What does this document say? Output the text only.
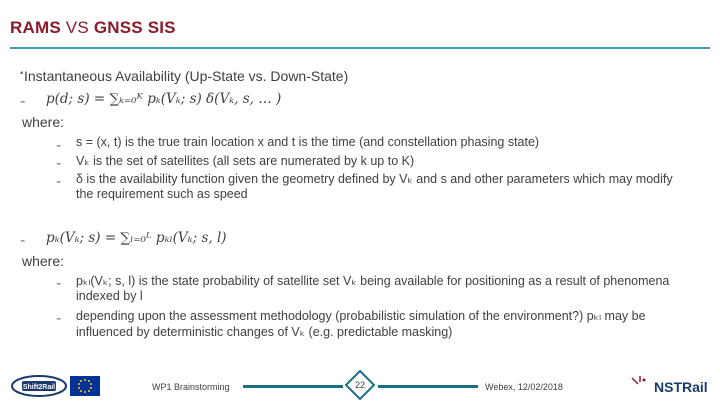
RAMS VS GNSS SIS
▪ Instantaneous Availability (Up-State vs. Down-State)
- p(d; s) = ∑ₖ₌₀ᴷ pₖ(Vₖ; s) δ(Vₖ, s, … )
where:
- s = (x, t) is the true train location x and t is the time (and constellation phasing state)
- Vₖ is the set of satellites (all sets are numerated by k up to K)
- δ is the availability function given the geometry defined by Vₖ and s and other parameters which may modify
the requirement such as speed
- pₖ(Vₖ; s) = ∑ₗ₌₀ᴸ pₖₗ(Vₖ; s, l)
where:
- pₖₗ(Vₖ; s, l) is the state probability of satellite set Vₖ being available for positioning as a result of phenomena
indexed by l
- depending upon the assessment methodology (probabilistic simulation of the environment?) pₖₗ may be
influenced by deterministic changes of Vₖ (e.g. predictable masking)
Shift2Rail	WP1 Brainstorming	22	Webex, 12/02/2018	NSTRail
